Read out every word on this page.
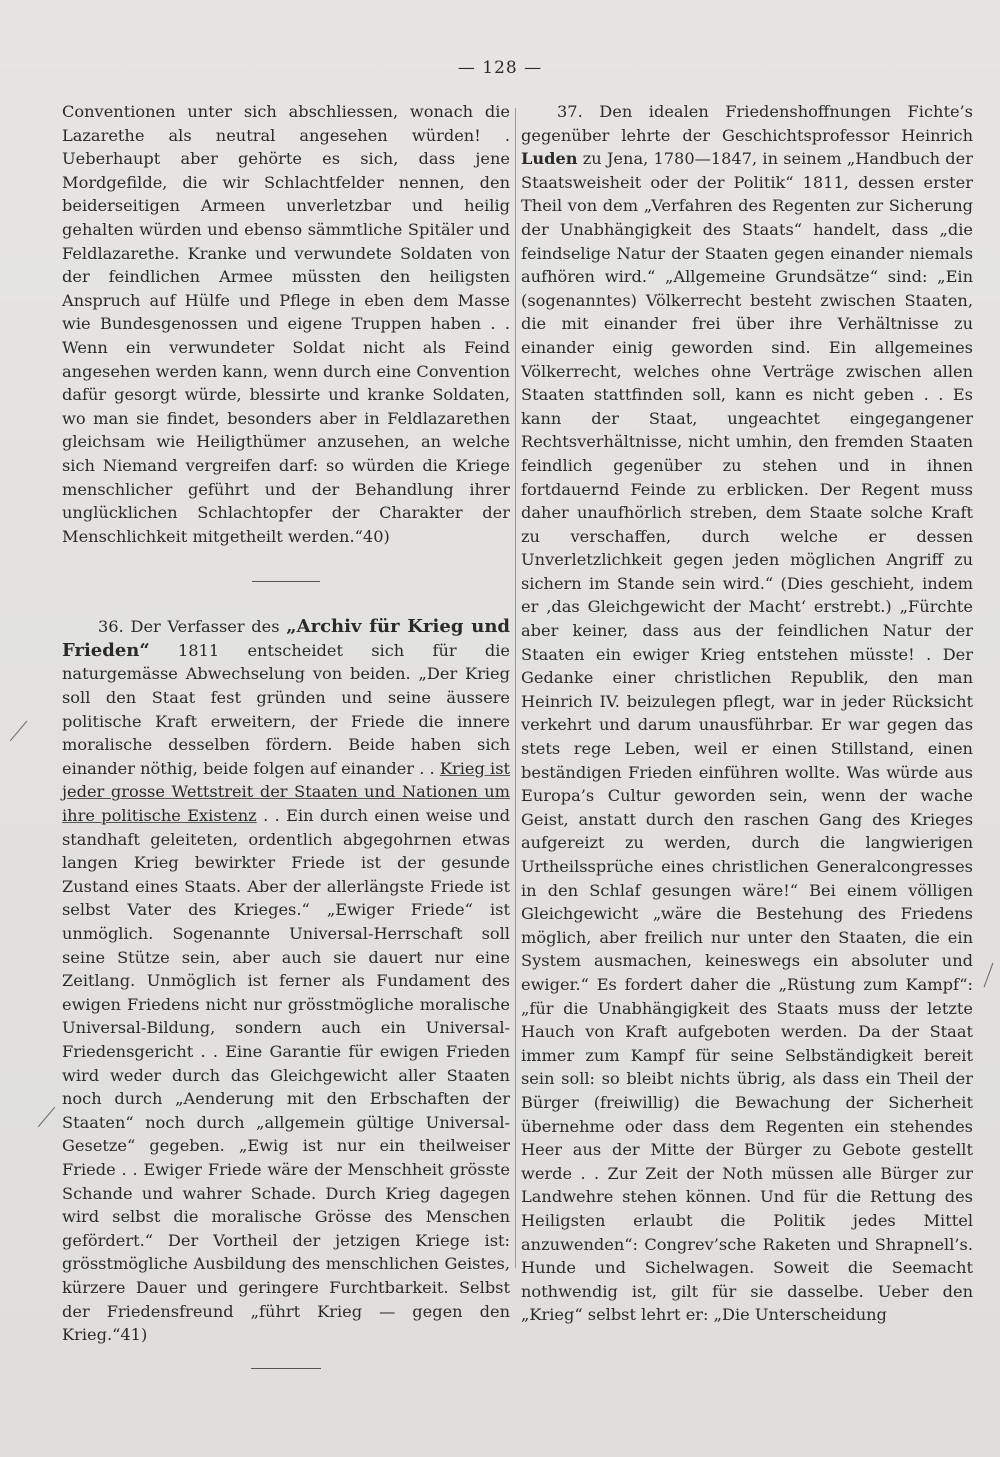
— 128 —

Conventionen unter sich abschliessen, wonach die Lazarethe als neutral angesehen würden! . Ueberhaupt aber gehörte es sich, dass jene Mordgefilde, die wir Schlachtfelder nennen, den beiderseitigen Armeen unverletzbar und heilig gehalten würden und ebenso sämmtliche Spitäler und Feldlazarethe. Kranke und verwundete Soldaten von der feindlichen Armee müssten den heiligsten Anspruch auf Hülfe und Pflege in eben dem Masse wie Bundesgenossen und eigene Truppen haben . . Wenn ein verwundeter Soldat nicht als Feind angesehen werden kann, wenn durch eine Convention dafür gesorgt würde, blessirte und kranke Soldaten, wo man sie findet, besonders aber in Feldlazarethen gleichsam wie Heiligthümer anzusehen, an welche sich Niemand vergreifen darf: so würden die Kriege menschlicher geführt und der Behandlung ihrer unglücklichen Schlachtopfer der Charakter der Menschlichkeit mitgetheilt werden.“40)

36. Der Verfasser des „Archiv für Krieg und Frieden“ 1811 entscheidet sich für die naturgemässe Abwechselung von beiden. „Der Krieg soll den Staat fest gründen und seine äussere politische Kraft erweitern, der Friede die innere moralische desselben fördern. Beide haben sich einander nöthig, beide folgen auf einander . . Krieg ist jeder grosse Wettstreit der Staaten und Nationen um ihre politische Existenz . . Ein durch einen weise und standhaft geleiteten, ordentlich abgegohrnen etwas langen Krieg bewirkter Friede ist der gesunde Zustand eines Staats. Aber der allerlängste Friede ist selbst Vater des Krieges.“ „Ewiger Friede“ ist unmöglich. Sogenannte Universal-Herrschaft soll seine Stütze sein, aber auch sie dauert nur eine Zeitlang. Unmöglich ist ferner als Fundament des ewigen Friedens nicht nur grösstmögliche moralische Universal-Bildung, sondern auch ein Universal-Friedensgericht . . Eine Garantie für ewigen Frieden wird weder durch das Gleichgewicht aller Staaten noch durch „Aenderung mit den Erbschaften der Staaten“ noch durch „allgemein gültige Universal-Gesetze“ gegeben. „Ewig ist nur ein theilweiser Friede . . Ewiger Friede wäre der Menschheit grösste Schande und wahrer Schade. Durch Krieg dagegen wird selbst die moralische Grösse des Menschen gefördert.“ Der Vortheil der jetzigen Kriege ist: grösstmögliche Ausbildung des menschlichen Geistes, kürzere Dauer und geringere Furchtbarkeit. Selbst der Friedensfreund „führt Krieg — gegen den Krieg.“41)

37. Den idealen Friedenshoffnungen Fichte’s gegenüber lehrte der Geschichtsprofessor Heinrich Luden zu Jena, 1780—1847, in seinem „Handbuch der Staatsweisheit oder der Politik“ 1811, dessen erster Theil von dem „Verfahren des Regenten zur Sicherung der Unabhängigkeit des Staats“ handelt, dass „die feindselige Natur der Staaten gegen einander niemals aufhören wird.“ „Allgemeine Grundsätze“ sind: „Ein (sogenanntes) Völkerrecht besteht zwischen Staaten, die mit einander frei über ihre Verhältnisse zu einander einig geworden sind. Ein allgemeines Völkerrecht, welches ohne Verträge zwischen allen Staaten stattfinden soll, kann es nicht geben . . Es kann der Staat, ungeachtet eingegangener Rechtsverhältnisse, nicht umhin, den fremden Staaten feindlich gegenüber zu stehen und in ihnen fortdauernd Feinde zu erblicken. Der Regent muss daher unaufhörlich streben, dem Staate solche Kraft zu verschaffen, durch welche er dessen Unverletzlichkeit gegen jeden möglichen Angriff zu sichern im Stande sein wird.“ (Dies geschieht, indem er ‚das Gleichgewicht der Macht‘ erstrebt.) „Fürchte aber keiner, dass aus der feindlichen Natur der Staaten ein ewiger Krieg entstehen müsste! . Der Gedanke einer christlichen Republik, den man Heinrich IV. beizulegen pflegt, war in jeder Rücksicht verkehrt und darum unausführbar. Er war gegen das stets rege Leben, weil er einen Stillstand, einen beständigen Frieden einführen wollte. Was würde aus Europa’s Cultur geworden sein, wenn der wache Geist, anstatt durch den raschen Gang des Krieges aufgereizt zu werden, durch die langwierigen Urtheilssprüche eines christlichen Generalcongresses in den Schlaf gesungen wäre!“ Bei einem völligen Gleichgewicht „wäre die Bestehung des Friedens möglich, aber freilich nur unter den Staaten, die ein System ausmachen, keineswegs ein absoluter und ewiger.“ Es fordert daher die „Rüstung zum Kampf“: „für die Unabhängigkeit des Staats muss der letzte Hauch von Kraft aufgeboten werden. Da der Staat immer zum Kampf für seine Selbständigkeit bereit sein soll: so bleibt nichts übrig, als dass ein Theil der Bürger (freiwillig) die Bewachung der Sicherheit übernehme oder dass dem Regenten ein stehendes Heer aus der Mitte der Bürger zu Gebote gestellt werde . . Zur Zeit der Noth müssen alle Bürger zur Landwehre stehen können. Und für die Rettung des Heiligsten erlaubt die Politik jedes Mittel anzuwenden“: Congrev’sche Raketen und Shrapnell’s. Hunde und Sichelwagen. Soweit die Seemacht nothwendig ist, gilt für sie dasselbe. Ueber den „Krieg“ selbst lehrt er: „Die Unterscheidung
